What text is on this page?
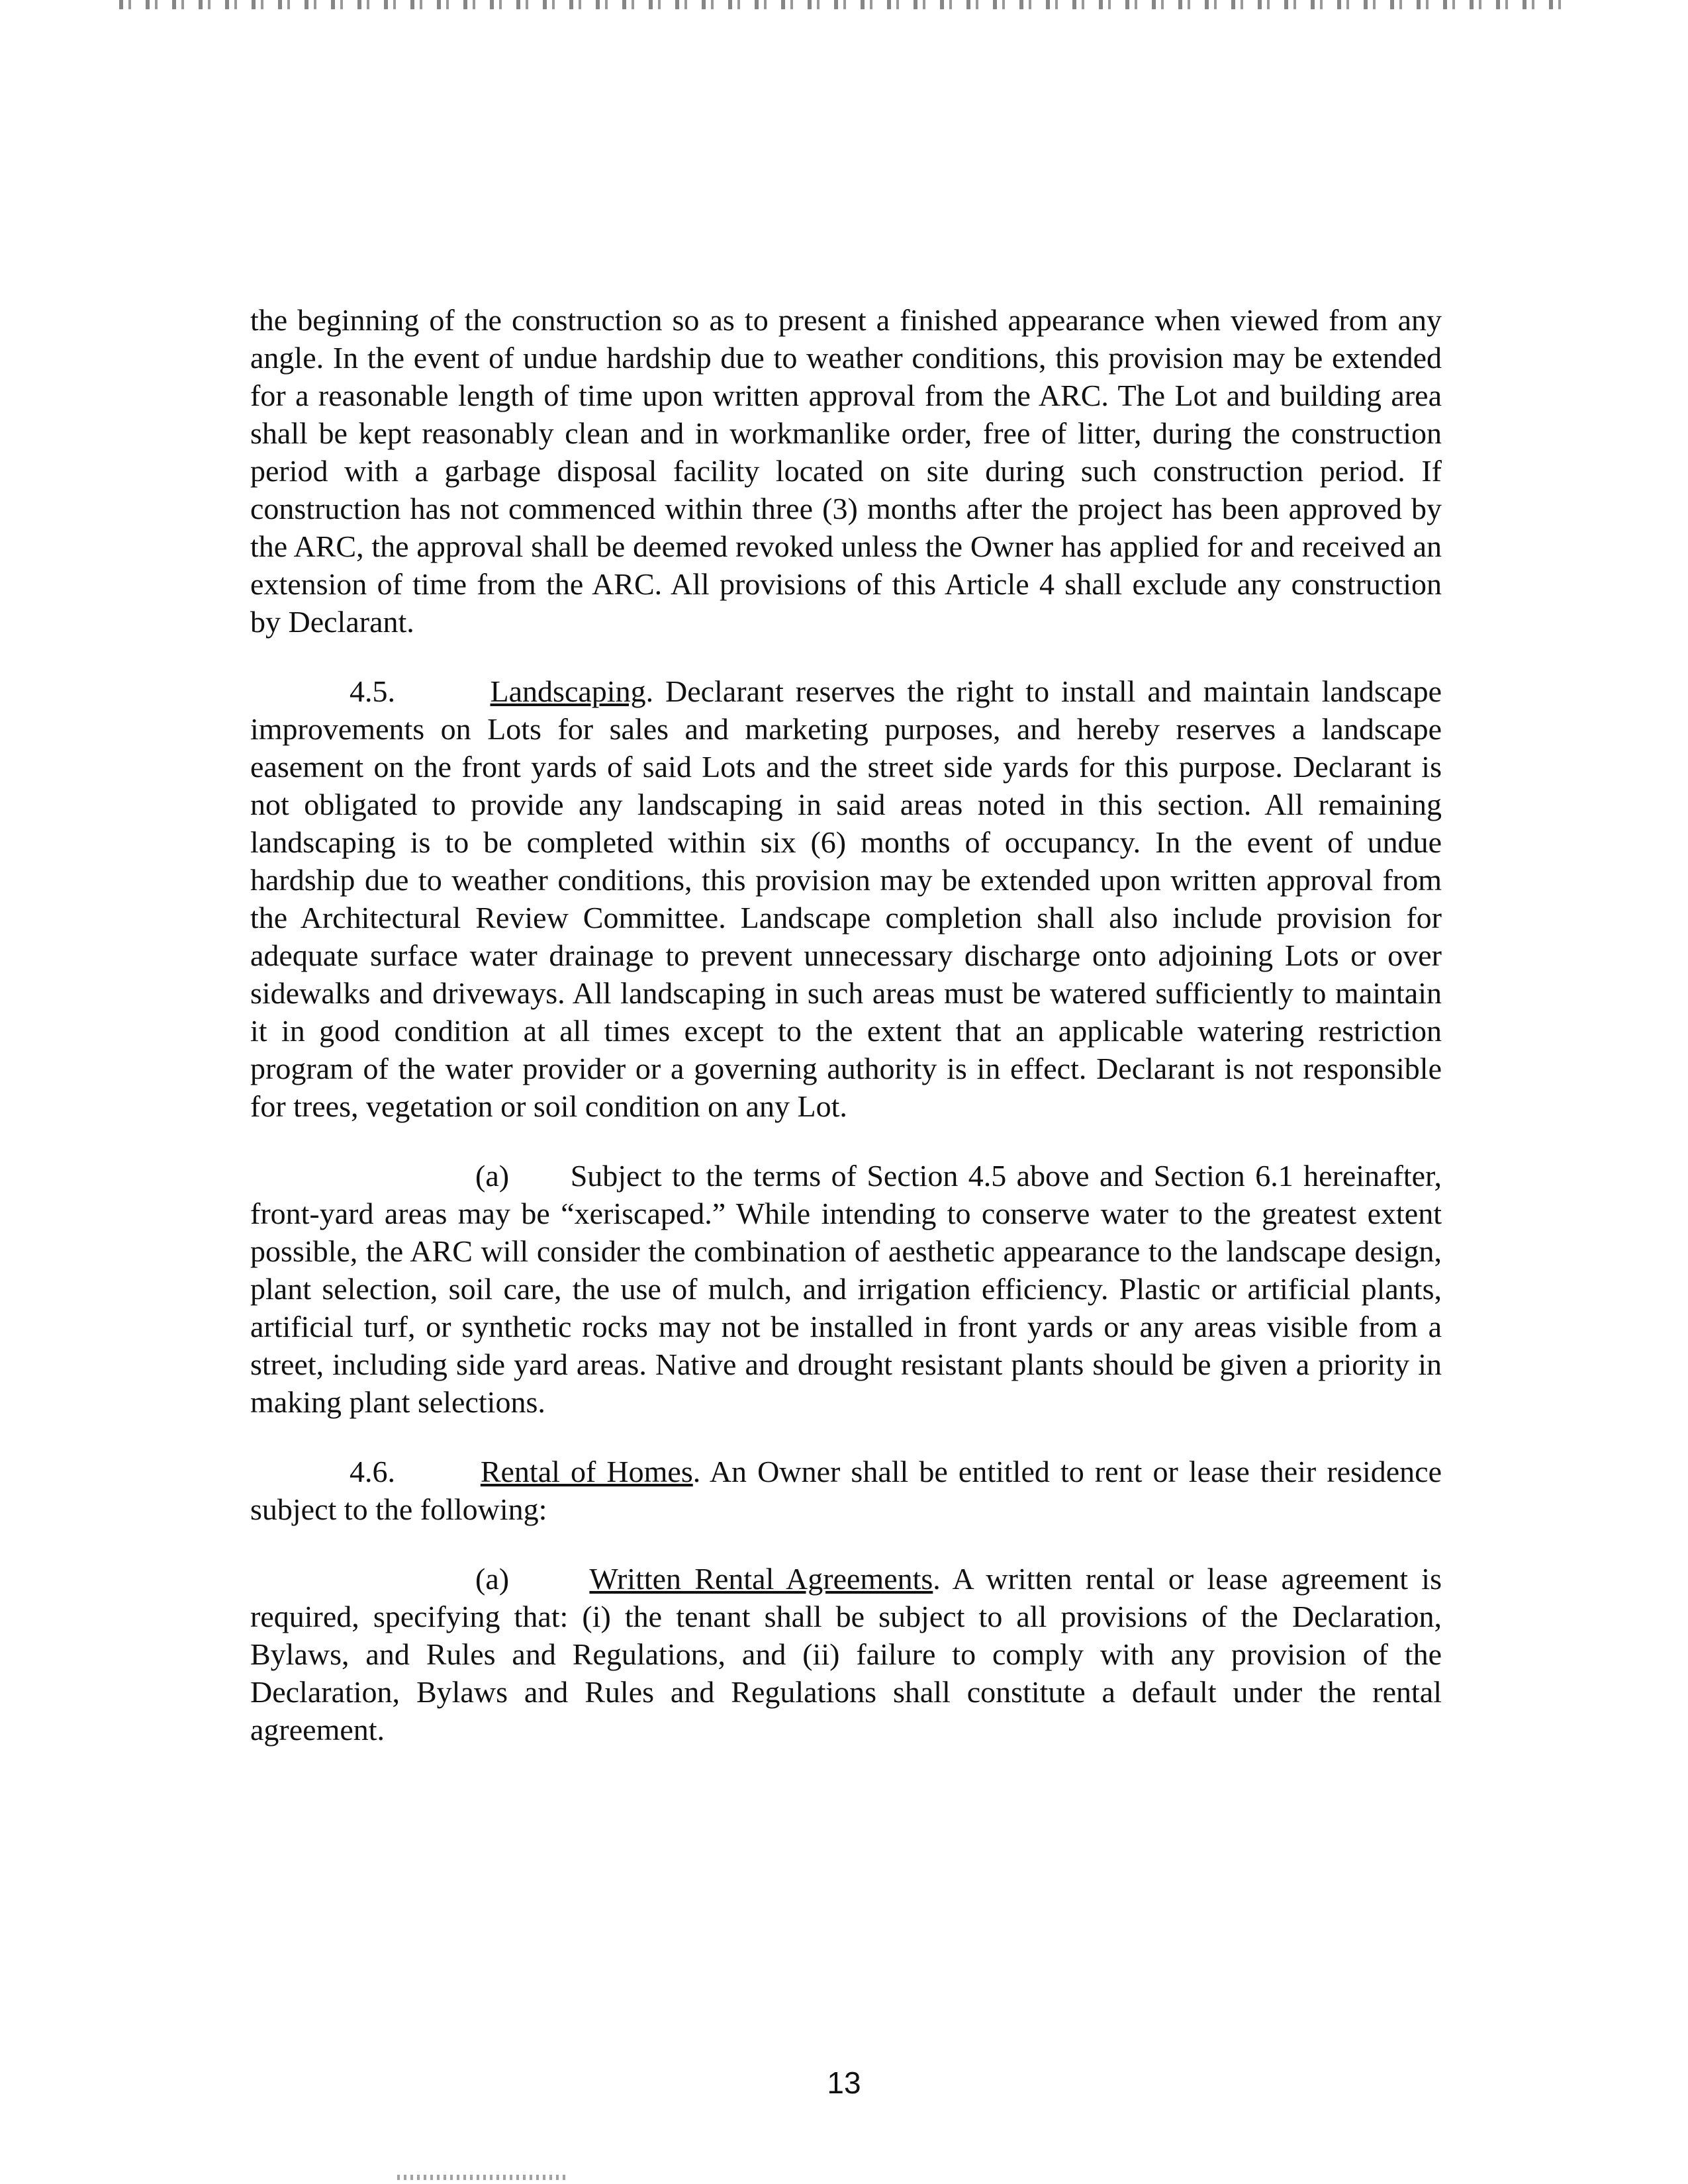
the beginning of the construction so as to present a finished appearance when viewed from any angle. In the event of undue hardship due to weather conditions, this provision may be extended for a reasonable length of time upon written approval from the ARC. The Lot and building area shall be kept reasonably clean and in workmanlike order, free of litter, during the construction period with a garbage disposal facility located on site during such construction period. If construction has not commenced within three (3) months after the project has been approved by the ARC, the approval shall be deemed revoked unless the Owner has applied for and received an extension of time from the ARC. All provisions of this Article 4 shall exclude any construction by Declarant.

4.5.	Landscaping. Declarant reserves the right to install and maintain landscape improvements on Lots for sales and marketing purposes, and hereby reserves a landscape easement on the front yards of said Lots and the street side yards for this purpose. Declarant is not obligated to provide any landscaping in said areas noted in this section. All remaining landscaping is to be completed within six (6) months of occupancy. In the event of undue hardship due to weather conditions, this provision may be extended upon written approval from the Architectural Review Committee. Landscape completion shall also include provision for adequate surface water drainage to prevent unnecessary discharge onto adjoining Lots or over sidewalks and driveways. All landscaping in such areas must be watered sufficiently to maintain it in good condition at all times except to the extent that an applicable watering restriction program of the water provider or a governing authority is in effect. Declarant is not responsible for trees, vegetation or soil condition on any Lot.

(a) Subject to the terms of Section 4.5 above and Section 6.1 hereinafter, front-yard areas may be “xeriscaped.” While intending to conserve water to the greatest extent possible, the ARC will consider the combination of aesthetic appearance to the landscape design, plant selection, soil care, the use of mulch, and irrigation efficiency. Plastic or artificial plants, artificial turf, or synthetic rocks may not be installed in front yards or any areas visible from a street, including side yard areas. Native and drought resistant plants should be given a priority in making plant selections.

4.6.	Rental of Homes. An Owner shall be entitled to rent or lease their residence subject to the following:

(a)	Written Rental Agreements. A written rental or lease agreement is required, specifying that: (i) the tenant shall be subject to all provisions of the Declaration, Bylaws, and Rules and Regulations, and (ii) failure to comply with any provision of the Declaration, Bylaws and Rules and Regulations shall constitute a default under the rental agreement.

13
